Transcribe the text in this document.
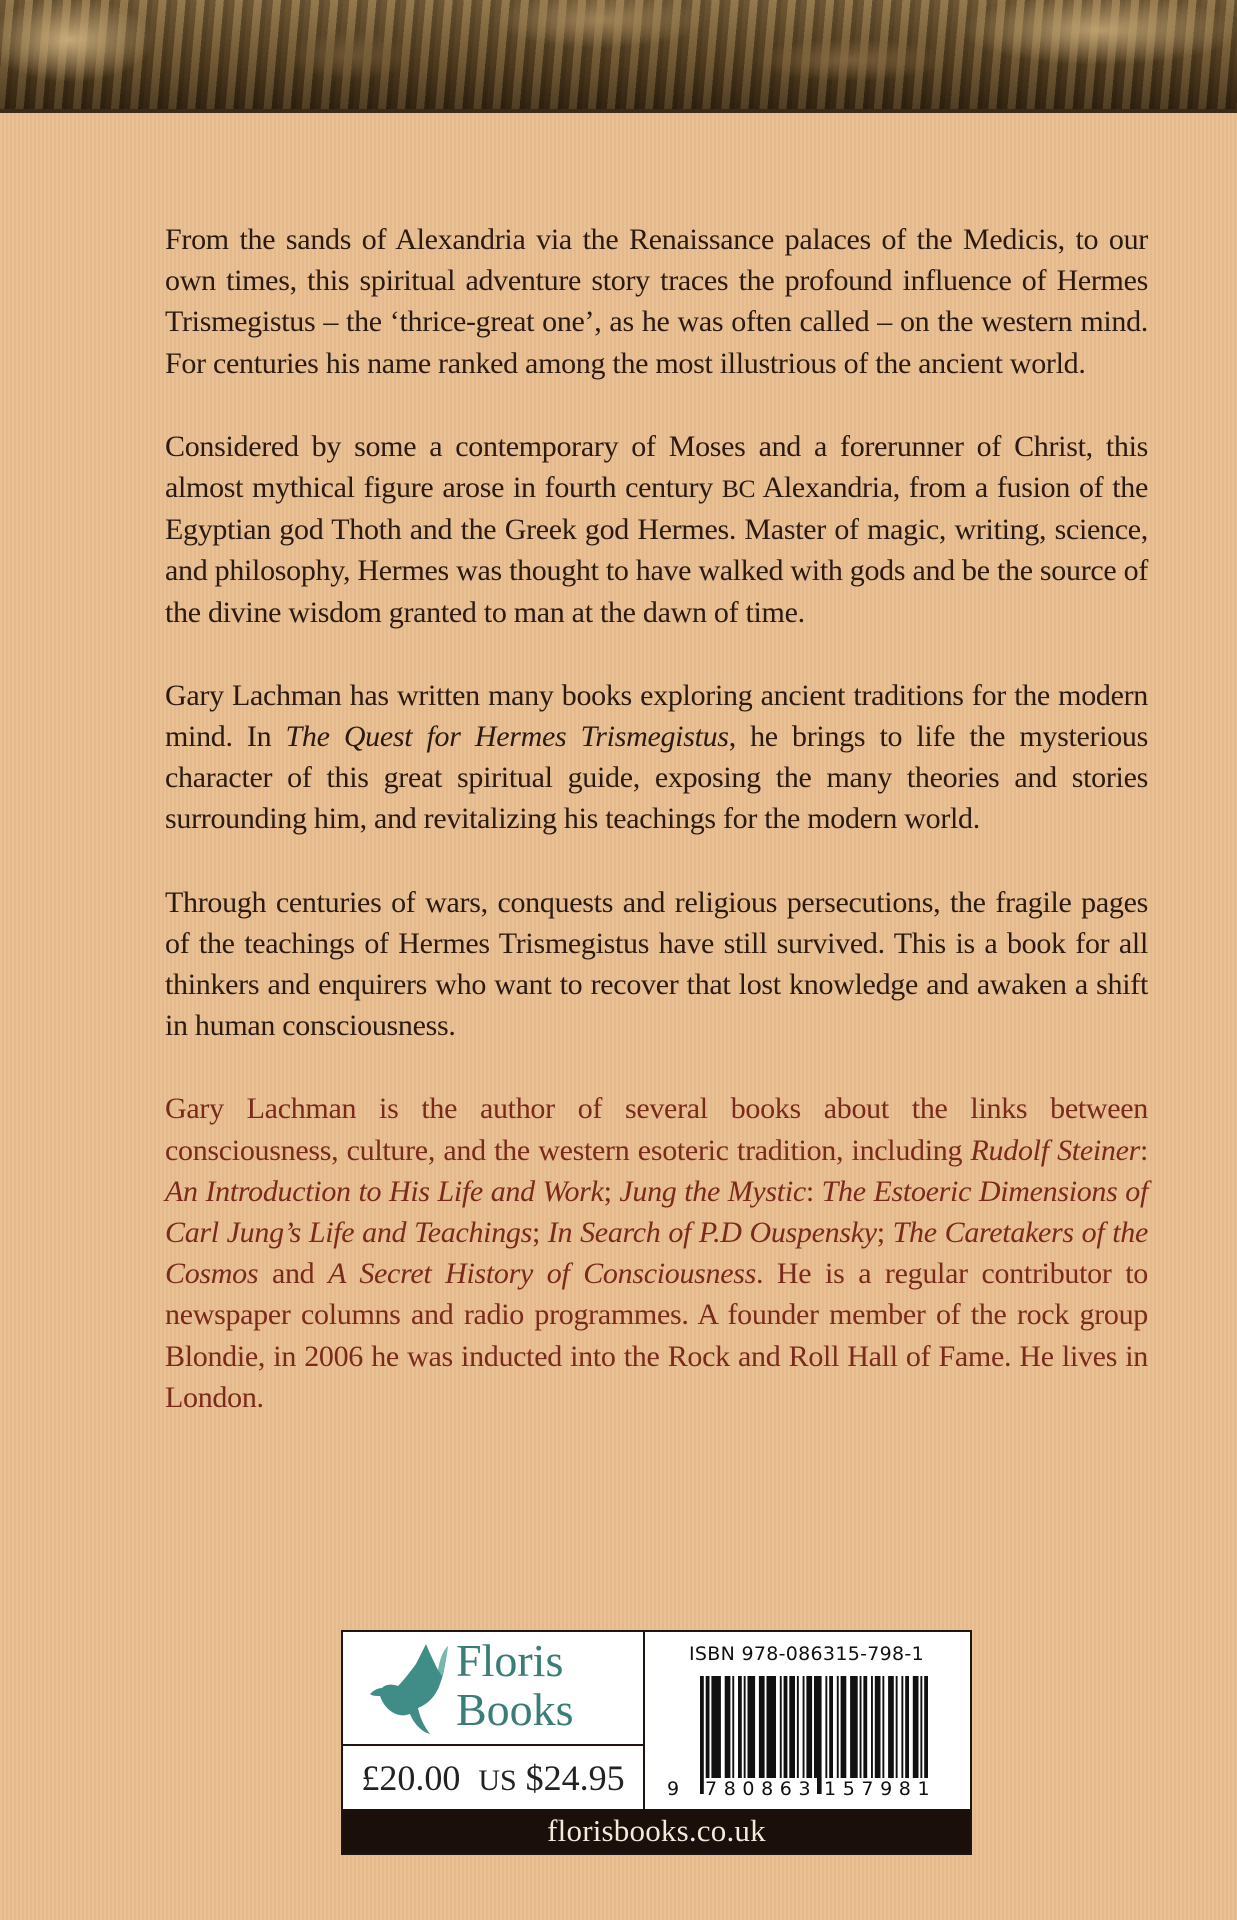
From the sands of Alexandria via the Renaissance palaces of the Medicis, to our own times, this spiritual adventure story traces the profound influence of Hermes Trismegistus – the ‘thrice-great one’, as he was often called – on the western mind. For centuries his name ranked among the most illustrious of the ancient world.

Considered by some a contemporary of Moses and a forerunner of Christ, this almost mythical figure arose in fourth century BC Alexandria, from a fusion of the Egyptian god Thoth and the Greek god Hermes. Master of magic, writing, science, and philosophy, Hermes was thought to have walked with gods and be the source of the divine wisdom granted to man at the dawn of time.

Gary Lachman has written many books exploring ancient traditions for the modern mind. In The Quest for Hermes Trismegistus, he brings to life the mysterious character of this great spiritual guide, exposing the many theories and stories surrounding him, and revitalizing his teachings for the modern world.

Through centuries of wars, conquests and religious persecutions, the fragile pages of the teachings of Hermes Trismegistus have still survived. This is a book for all thinkers and enquirers who want to recover that lost knowledge and awaken a shift in human consciousness.

Gary Lachman is the author of several books about the links between consciousness, culture, and the western esoteric tradition, including Rudolf Steiner: An Introduction to His Life and Work; Jung the Mystic: The Estoeric Dimensions of Carl Jung’s Life and Teachings; In Search of P.D Ouspensky; The Caretakers of the Cosmos and A Secret History of Consciousness. He is a regular contributor to newspaper columns and radio programmes. A founder member of the rock group Blondie, in 2006 he was inducted into the Rock and Roll Hall of Fame. He lives in London.

Floris
Books
£20.00 US $24.95
ISBN 978-086315-798-1
9 780863 157981
florisbooks.co.uk
